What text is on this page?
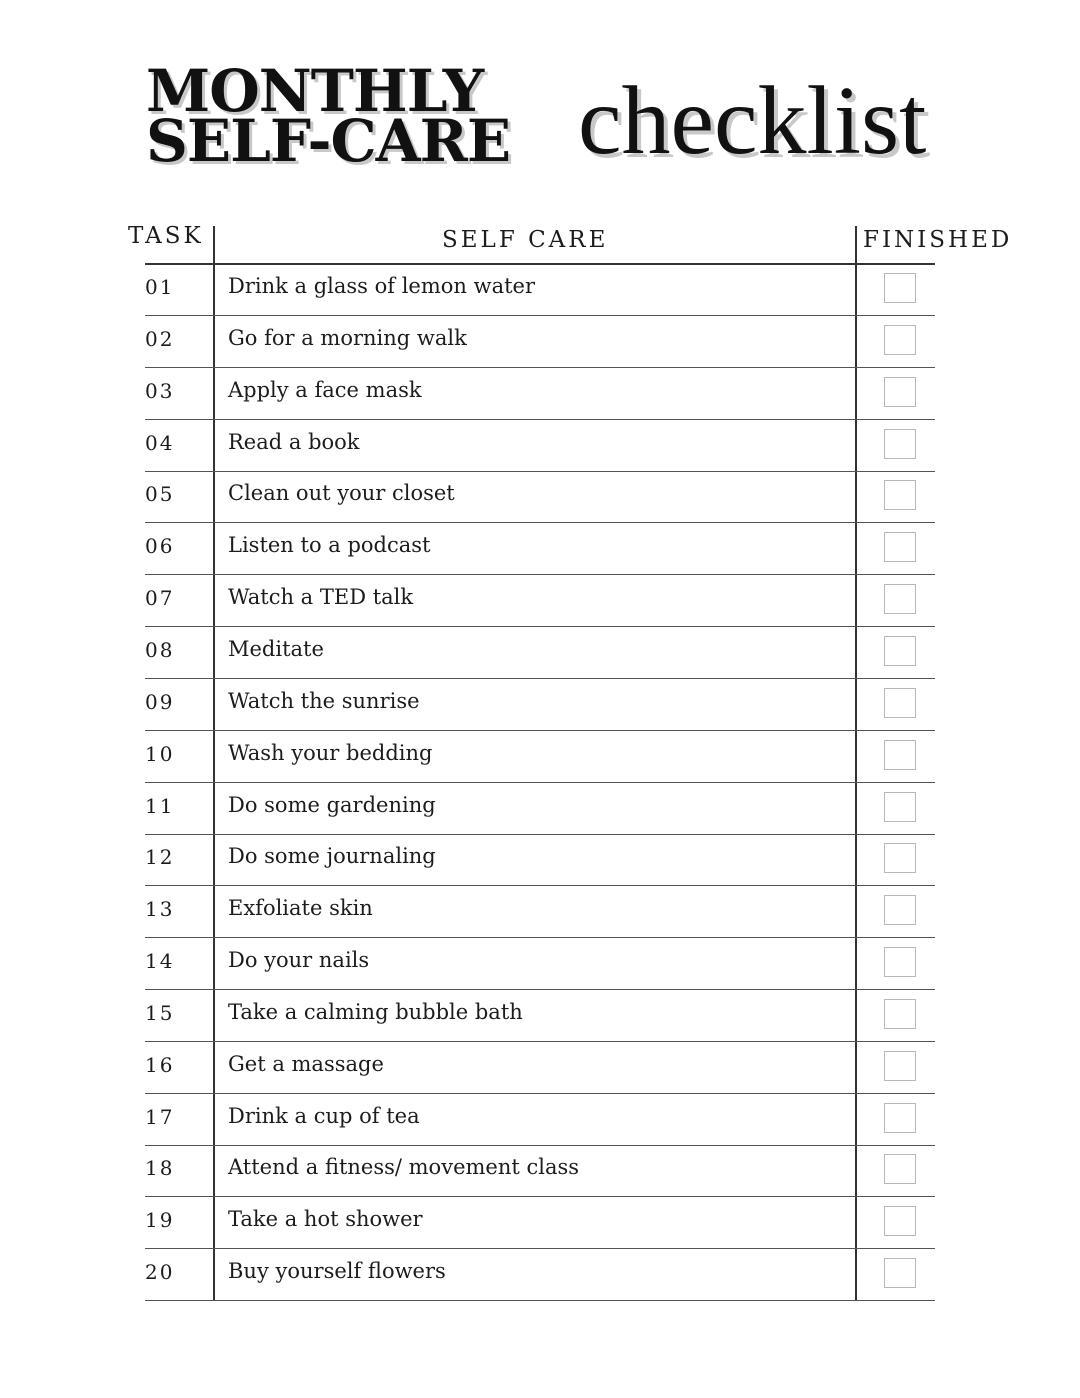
MONTHLY
SELF-CARE checklist
TASK	SELF CARE	FINISHED
01	Drink a glass of lemon water
02	Go for a morning walk
03	Apply a face mask
04	Read a book
05	Clean out your closet
06	Listen to a podcast
07	Watch a TED talk
08	Meditate
09	Watch the sunrise
10	Wash your bedding
11	Do some gardening
12	Do some journaling
13	Exfoliate skin
14	Do your nails
15	Take a calming bubble bath
16	Get a massage
17	Drink a cup of tea
18	Attend a fitness/ movement class
19	Take a hot shower
20	Buy yourself flowers
